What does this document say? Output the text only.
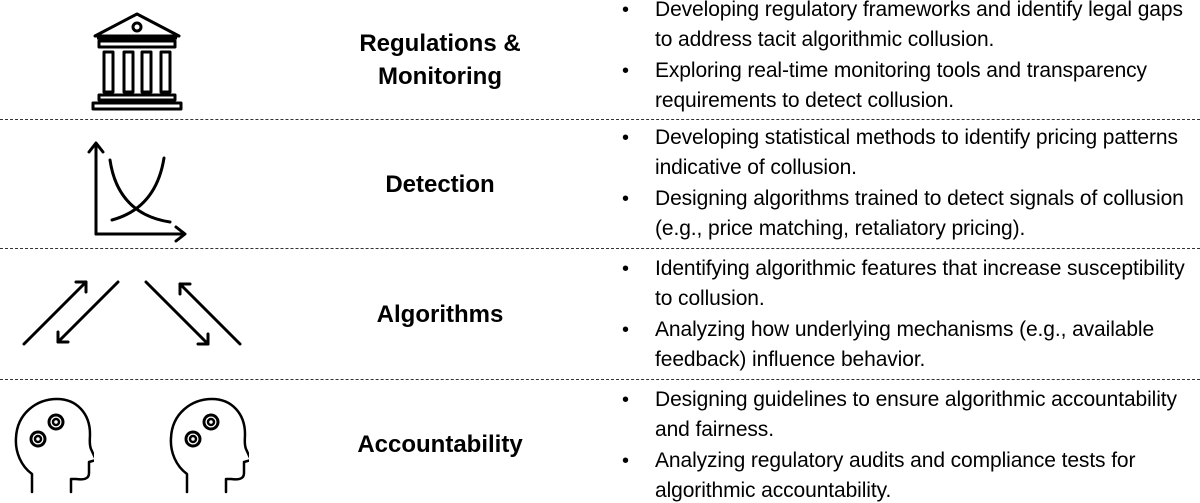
Regulations &
Monitoring
• Developing regulatory frameworks and identify legal gaps to address tacit algorithmic collusion.
• Exploring real-time monitoring tools and transparency requirements to detect collusion.
Detection
• Developing statistical methods to identify pricing patterns indicative of collusion.
• Designing algorithms trained to detect signals of collusion (e.g., price matching, retaliatory pricing).
Algorithms
• Identifying algorithmic features that increase susceptibility to collusion.
• Analyzing how underlying mechanisms (e.g., available feedback) influence behavior.
Accountability
• Designing guidelines to ensure algorithmic accountability and fairness.
• Analyzing regulatory audits and compliance tests for algorithmic accountability.
